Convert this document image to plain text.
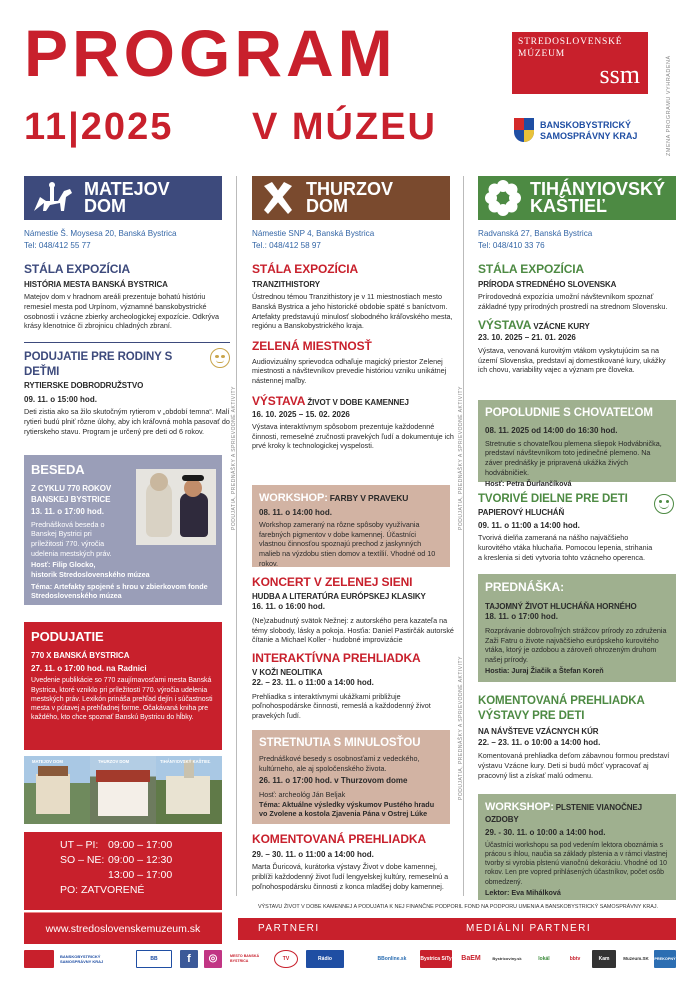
PROGRAM
11|2025 V MÚZEU
STREDOSLOVENSKÉ
MÚZEUM
ssm
BANSKOBYSTRICKÝ
SAMOSPRÁVNY KRAJ	ZMENA PROGRAMU VYHRADENÁ
MATEJOV
DOM
THURZOV
DOM
TIHÁNYIOVSKÝ
KAŠTIEĽ
PODUJATIA, PREDNÁŠKY A SPRIEVODNÉ AKTIVITY	PODUJATIA, PREDNÁŠKY A SPRIEVODNÉ AKTIVITY
PODUJATIA, PREDNÁŠKY A SPRIEVODNÉ AKTIVITY
Námestie Š. Moysesa 20, Banská Bystrica
Tel: 048/412 55 77
STÁLA EXPOZÍCIA
HISTÓRIA MESTA BANSKÁ BYSTRICA
Matejov dom v hradnom areáli prezentuje bohatú históriu remesiel mesta pod Urpínom, významné banskobystrické osobnosti i vzácne zbierky archeologickej expozície. Odkrýva krásy klenotnice či zbrojnicu chladných zbraní.
PODUJATIE PRE RODINY S DEŤMI
RYTIERSKE DOBRODRUŽSTVO
09. 11. o 15:00 hod.
Deti zistia ako sa žilo skutočným rytierom v „období temna“. Malí rytieri budú plniť rôzne úlohy, aby ich kráľovná mohla pasovať do rytierskeho stavu. Program je určený pre deti od 6 rokov.
BESEDA
Z CYKLU 770 ROKOV
BANSKEJ BYSTRICE
13. 11. o 17:00 hod.
Prednášková beseda o Banskej Bystrici pri príležitosti 770. výročia udelenia mestských práv.
Hosť: Filip Glocko,
historik Stredoslovenského múzea
Téma: Artefakty spojené s hrou v zbierkovom fonde Stredoslovenského múzea
PODUJATIE
770 X BANSKÁ BYSTRICA
27. 11. o 17:00 hod. na Radnici
Uvedenie publikácie so 770 zaujímavosťami mesta Banská Bystrica, ktoré vzniklo pri príležitosti 770. výročia udelenia mestských práv. Lexikón prináša prehľad dejín i súčastnosti mesta v pútavej a prehľadnej forme. Očakávaná kniha pre každého, kto chce spoznať Banskú Bystricu do hĺbky.
MATEJOV DOM	THURZOV DOM	TIHÁNYIOVSKÝ KAŠTIEĽ
UT – PI: 09:00 – 17:00
SO – NE: 09:00 – 12:30
13:00 – 17:00
PO: ZATVORENÉ
www.stredoslovenskemuzeum.sk
Námestie SNP 4, Banská Bystrica
Tel.: 048/412 58 97
STÁLA EXPOZÍCIA
TRANZITHISTORY
Ústrednou témou Tranzithistory je v 11 miestnostiach mesto Banská Bystrica a jeho historické obdobie späté s baníctvom. Artefakty predstavujú minulosť slobodného kráľovského mesta, regiónu a Banskobystrického kraja.
ZELENÁ MIESTNOSŤ
Audiovizuálny sprievodca odhaľuje magický priestor Zelenej miestnosti a návštevníkov prevedie históriou vzniku unikátnej nástennej maľby.
VÝSTAVA ŽIVOT V DOBE KAMENNEJ
16. 10. 2025 – 15. 02. 2026
Výstava interaktívnym spôsobom prezentuje každodenné činnosti, remeselné zručnosti pravekých ľudí a dokumentuje ich prvé kroky k technologickej vyspelosti.
WORKSHOP: FARBY V PRAVEKU
08. 11. o 14:00 hod.
Workshop zameraný na rôzne spôsoby využívania farebných pigmentov v dobe kamennej. Účastníci vlastnou činnosťou spoznajú prechod z jaskynných malieb na výzdobu stien domov a textílií. Vhodné od 10 rokov.
KONCERT V ZELENEJ SIENI
HUDBA A LITERATÚRA EURÓPSKEJ KLASIKY
16. 11. o 16:00 hod.
(Ne)zabudnutý svätok Nežnej: z autorského pera kazateľa na témy slobody, lásky a pokoja. Hosťia: Daniel Pastirčák autorské čítanie a Michael Koller - hudobné improvizácie
INTERAKTÍVNA PREHLIADKA
V KOŽI NEOLITIKA
22. – 23. 11. o 11:00 a 14:00 hod.
Prehliadka s interaktívnymi ukážkami približuje poľnohospodárske činnosti, remeslá a každodenný život pravekých ľudí.
STRETNUTIA S MINULOSŤOU
Prednáškové besedy s osobnosťami z vedeckého, kultúrneho, ale aj spoločenského života.
26. 11. o 17:00 hod. v Thurzovom dome
Hosť: archeológ Ján Beljak
Téma: Aktuálne výsledky výskumov Pustého hradu vo Zvolene a kostola Zjavenia Pána v Ostrej Lúke
KOMENTOVANÁ PREHLIADKA
29. – 30. 11. o 11:00 a 14:00 hod.
Marta Ďuricová, kurátorka výstavy Život v dobe kamennej, priblíži každodenný život ľudí lengyelskej kultúry, remeselnú a poľnohospodársku činnosti z konca mladšej doby kamennej.
Radvanská 27, Banská Bystrica
Tel: 048/410 33 76
STÁLA EXPOZÍCIA
PRÍRODA STREDNÉHO SLOVENSKA
Prírodovedná expozícia umožní návštevníkom spoznať základné typy prírodných prostredí na strednom Slovensku.
VÝSTAVA VZÁCNE KURY
23. 10. 2025 – 21. 01. 2026
Výstava, venovaná kurovitým vtákom vyskytujúcim sa na území Slovenska, predstaví aj domestikované kury, ukážky ich chovu, variability vajec a význam pre človeka.
POPOLUDNIE S CHOVATEĽOM
08. 11. 2025 od 14:00 do 16:30 hod.
Stretnutie s chovateľkou plemena sliepok Hodvábnička, predstaví návštevníkom toto jedinečné plemeno. Na záver prednášky je pripravená ukážka živých hodvábničiek.
Hosť: Petra Ďurlančíková
TVORIVÉ DIELNE PRE DETI
PAPIEROVÝ HLUCHÁŇ
09. 11. o 11:00 a 14:00 hod.
Tvorivá dielňa zameraná na nášho najväčšieho kurovitého vtáka hluchaňa. Pomocou lepenia, strihania a kreslenia si deti vytvoria tohto vzácneho operenca.
PREDNÁŠKA:
TAJOMNÝ ŽIVOT HLUCHÁŇA HORNÉHO
18. 11. o 17:00 hod.
Rozprávanie dobrovoľných strážcov prírody zo združenia Zaži Fatru o živote najväčšieho európskeho kurovitého vtáka, ktorý je ozdobou a zároveň ohrozeným druhom našej prírody.
Hostia: Juraj Žiačik a Štefan Koreň
KOMENTOVANÁ PREHLIADKA
VÝSTAVY PRE DETI
NA NÁVŠTEVE VZÁCNYCH KÚR
22. – 23. 11. o 10:00 a 14:00 hod.
Komentovaná prehliadka deťom zábavnou formou predstaví výstavu Vzácne kury. Deti si budú môcť vypracovať aj pracovný list a získať malú odmenu.
WORKSHOP: PLSTENIE VIANOČNEJ OZDOBY
29. - 30. 11. o 10:00 a 14:00 hod.
Účastníci workshopu sa pod vedením lektora oboznámia s prácou s ihlou, naučia sa základy plstenia a v rámci vlastnej tvorby si vyrobia plstenú vianočnú dekoráciu. Vhodné od 10 rokov. Len pre vopred prihlásených účastníkov, počet osôb obmedzený.
Lektor: Eva Mihálková
VÝSTAVU ŽIVOT V DOBE KAMENNEJ A PODUJATIA K NEJ FINANČNE PODPORIL FOND NA PODPORU UMENIA A BANSKOBYSTRICKÝ SAMOSPRÁVNY KRAJ.
PARTNERI	MEDIÁLNI PARTNERI
BANSKOBYSTRICKÝ SAMOSPRÁVNY KRAJ	BB	f	◎	MESTO BANSKÁ BYSTRICA	TV	Rádio	BBonline.sk	Bystrica SiTy	BaEM	Bystricoviny.sk	lokál	bbtv	Kam	Muzeum.SK	PREKOPNÝ
